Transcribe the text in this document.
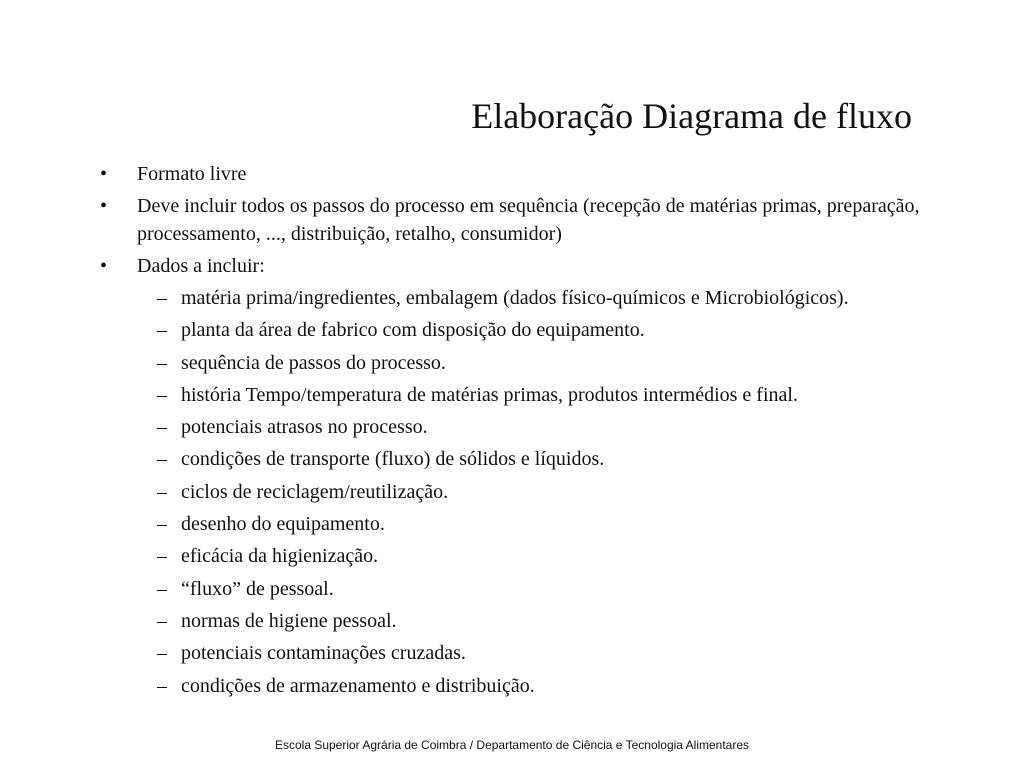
Elaboração Diagrama de fluxo
• Formato livre
• Deve incluir todos os passos do processo em sequência (recepção de matérias primas, preparação, processamento, ..., distribuição, retalho, consumidor)
• Dados a incluir:
– matéria prima/ingredientes, embalagem (dados físico-químicos e Microbiológicos).
– planta da área de fabrico com disposição do equipamento.
– sequência de passos do processo.
– história Tempo/temperatura de matérias primas, produtos intermédios e final.
– potenciais atrasos no processo.
– condições de transporte (fluxo) de sólidos e líquidos.
– ciclos de reciclagem/reutilização.
– desenho do equipamento.
– eficácia da higienização.
– “fluxo” de pessoal.
– normas de higiene pessoal.
– potenciais contaminações cruzadas.
– condições de armazenamento e distribuição.
Escola Superior Agrária de Coimbra / Departamento de Ciência e Tecnologia Alimentares
